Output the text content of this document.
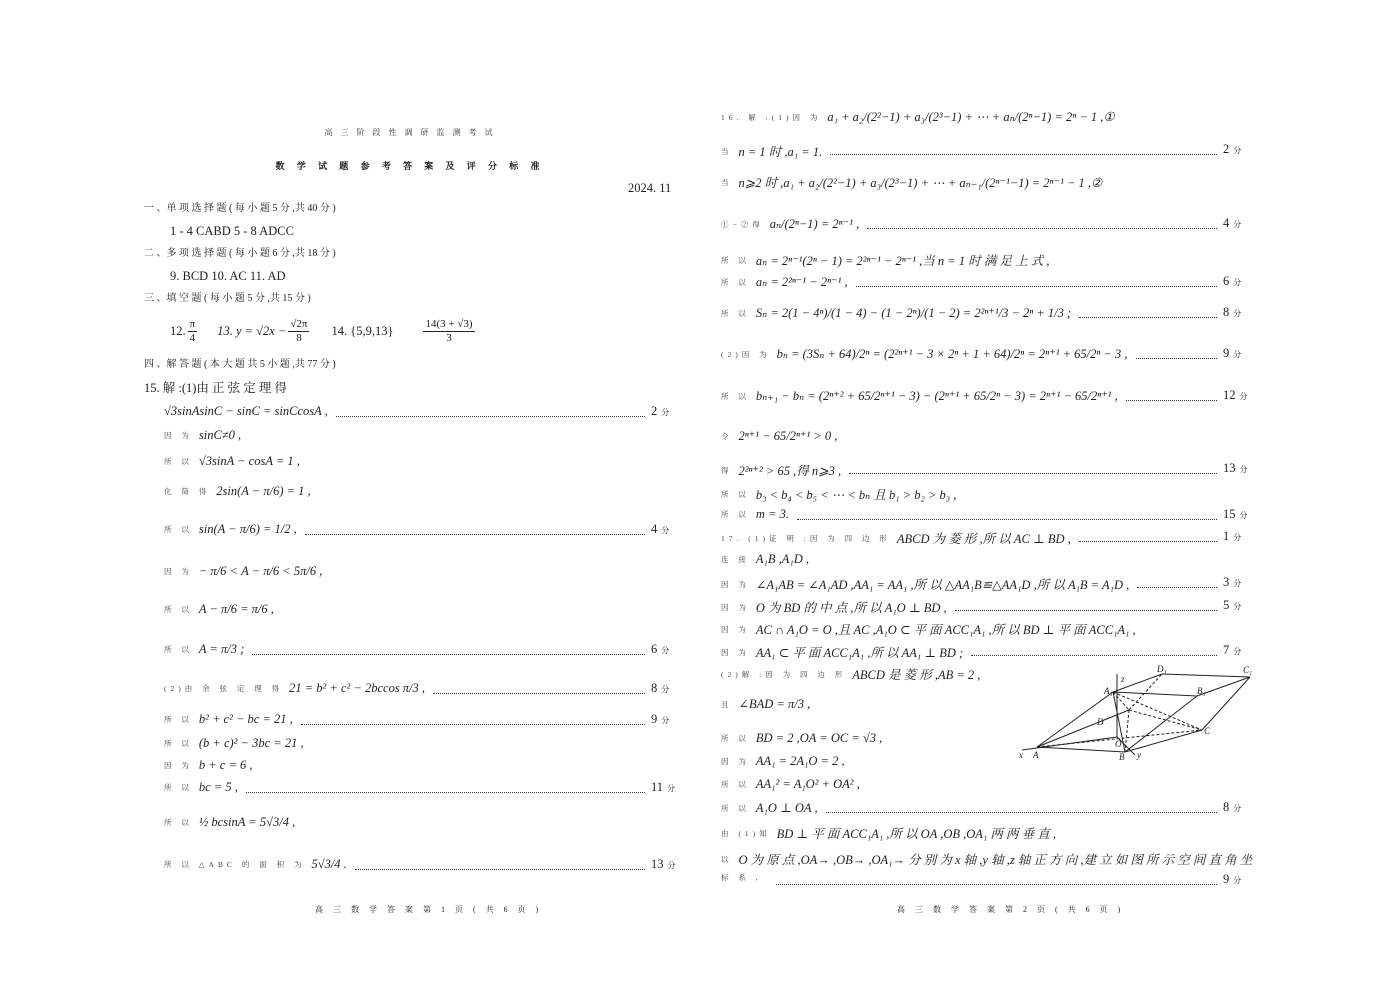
高 三 阶 段 性 调 研 监 测 考 试
数 学 试 题 参 考 答 案 及 评 分 标 准
2024. 11
一 、单 项 选 择 题 ( 每 小 题 5 分 ,共 40 分 )
1 - 4 CABD 5 - 8 ADCC
二 、多 项 选 择 题 ( 每 小 题 6 分 ,共 18 分 )
9. BCD 10. AC 11. AD
三 、填 空 题 ( 每 小 题 5 分 ,共 15 分 )
12. $\frac{\pi}{4} 13$. $y = √2x - \frac{√2\pi}{8} 14$. {5,9,13}	$\frac{14(3 + √3)}{3}$
四 、解 答 题 ( 本 大 题 共 5 小 题 ,共 77 分 )
15. 解 :(1)由 正 弦 定 理 得
√3sinAsinC − sinC = sinCcosA ,	2 分
因 为 sinC≠0 ,
所 以 √3sinA − cosA = 1 ,
化 简 得 2sin(A − π/6) = 1 ,
所 以 sin(A − π/6) = 1/2 ,	4 分
因 为 − π/6 < A − π/6 < 5π/6 ,
所 以 A − π/6 = π/6 ,
所 以 A = π/3 ;	6 分
(2)由 余 弦 定 理 得 21 = b² + c² − 2bccos π/3 ,	8 分
所 以 b² + c² − bc = 21 ,	9 分
所 以 (b + c)² − 3bc = 21 ,
因 为 b + c = 6 ,
所 以 bc = 5 ,	11 分
所 以 ½ bcsinA = 5√3/4 ,
所 以 △ABC 的 面 积 为 5√3/4 .	13 分
高 三 数 学 答 案 第 1 页 ( 共 6 页 )
16. 解 :(1)因 为 a₁ + a₂/(2²−1) + a₃/(2³−1) + ⋯ + aₙ/(2ⁿ−1) = 2ⁿ − 1 ,①
当 n = 1 时 ,a₁ = 1.	2 分
当 n⩾2 时 ,a₁ + a₂/(2²−1) + a₃/(2³−1) + ⋯ + aₙ₋₁/(2ⁿ⁻¹−1) = 2ⁿ⁻¹ − 1 ,②
①−②得 aₙ/(2ⁿ−1) = 2ⁿ⁻¹ ,	4 分
所 以 aₙ = 2ⁿ⁻¹(2ⁿ − 1) = 2²ⁿ⁻¹ − 2ⁿ⁻¹ ,当 n = 1 时 满 足 上 式 ,
所 以 aₙ = 2²ⁿ⁻¹ − 2ⁿ⁻¹ ,	6 分
所 以 Sₙ = 2(1 − 4ⁿ)/(1 − 4) − (1 − 2ⁿ)/(1 − 2) = 2²ⁿ⁺¹/3 − 2ⁿ + 1/3 ;	8 分
(2)因 为 bₙ = (3Sₙ + 64)/2ⁿ = (2²ⁿ⁺¹ − 3 × 2ⁿ + 1 + 64)/2ⁿ = 2ⁿ⁺¹ + 65/2ⁿ − 3 ,	9 分
所 以 bₙ₊₁ − bₙ = (2ⁿ⁺² + 65/2ⁿ⁺¹ − 3) − (2ⁿ⁺¹ + 65/2ⁿ − 3) = 2ⁿ⁺¹ − 65/2ⁿ⁺¹ ,	12 分
令 2ⁿ⁺¹ − 65/2ⁿ⁺¹ > 0 ,
得 2²ⁿ⁺² > 65 ,得 n⩾3 ,	13 分
所 以 b₃ < b₄ < b₅ < ⋯ < bₙ 且 b₁ > b₂ > b₃ ,
所 以 m = 3.	15 分
17. (1)证 明 :因 为 四 边 形 ABCD 为 菱 形 ,所 以 AC ⊥ BD ,	1 分
连 接 A₁B ,A₁D ,
因 为 ∠A₁AB = ∠A₁AD ,AA₁ = AA₁ ,所 以 △AA₁B≌△AA₁D ,所 以 A₁B = A₁D ,	3 分
因 为 O 为 BD 的 中 点 ,所 以 A₁O ⊥ BD ,	5 分
因 为 AC ∩ A₁O = O ,且 AC ,A₁O ⊂ 平 面 ACC₁A₁ ,所 以 BD ⊥ 平 面 ACC₁A₁ ,
因 为 AA₁ ⊂ 平 面 ACC₁A₁ ,所 以 AA₁ ⊥ BD ;	7 分
(2)解 :因 为 四 边 形 ABCD 是 菱 形 ,AB = 2 ,
且 ∠BAD = π/3 ,
所 以 BD = 2 ,OA = OC = √3 ,
因 为 AA₁ = 2A₁O = 2 ,
所 以 AA₁² = A₁O² + OA² ,
所 以 A₁O ⊥ OA ,	8 分
由 (1)知 BD ⊥ 平 面 ACC₁A₁ ,所 以 OA ,OB ,OA₁ 两 两 垂 直 ,
以 O 为 原 点 ,OA→ ,OB→ ,OA₁→ 分 别 为 x 轴 ,y 轴 ,z 轴 正 方 向 ,建 立 如 图 所 示 空 间 直 角 坐
标 系 ,	9 分
D₁	C₁
A₁	B₁
z
D
O
C
x A	B y
高 三 数 学 答 案 第 2 页 ( 共 6 页 )
